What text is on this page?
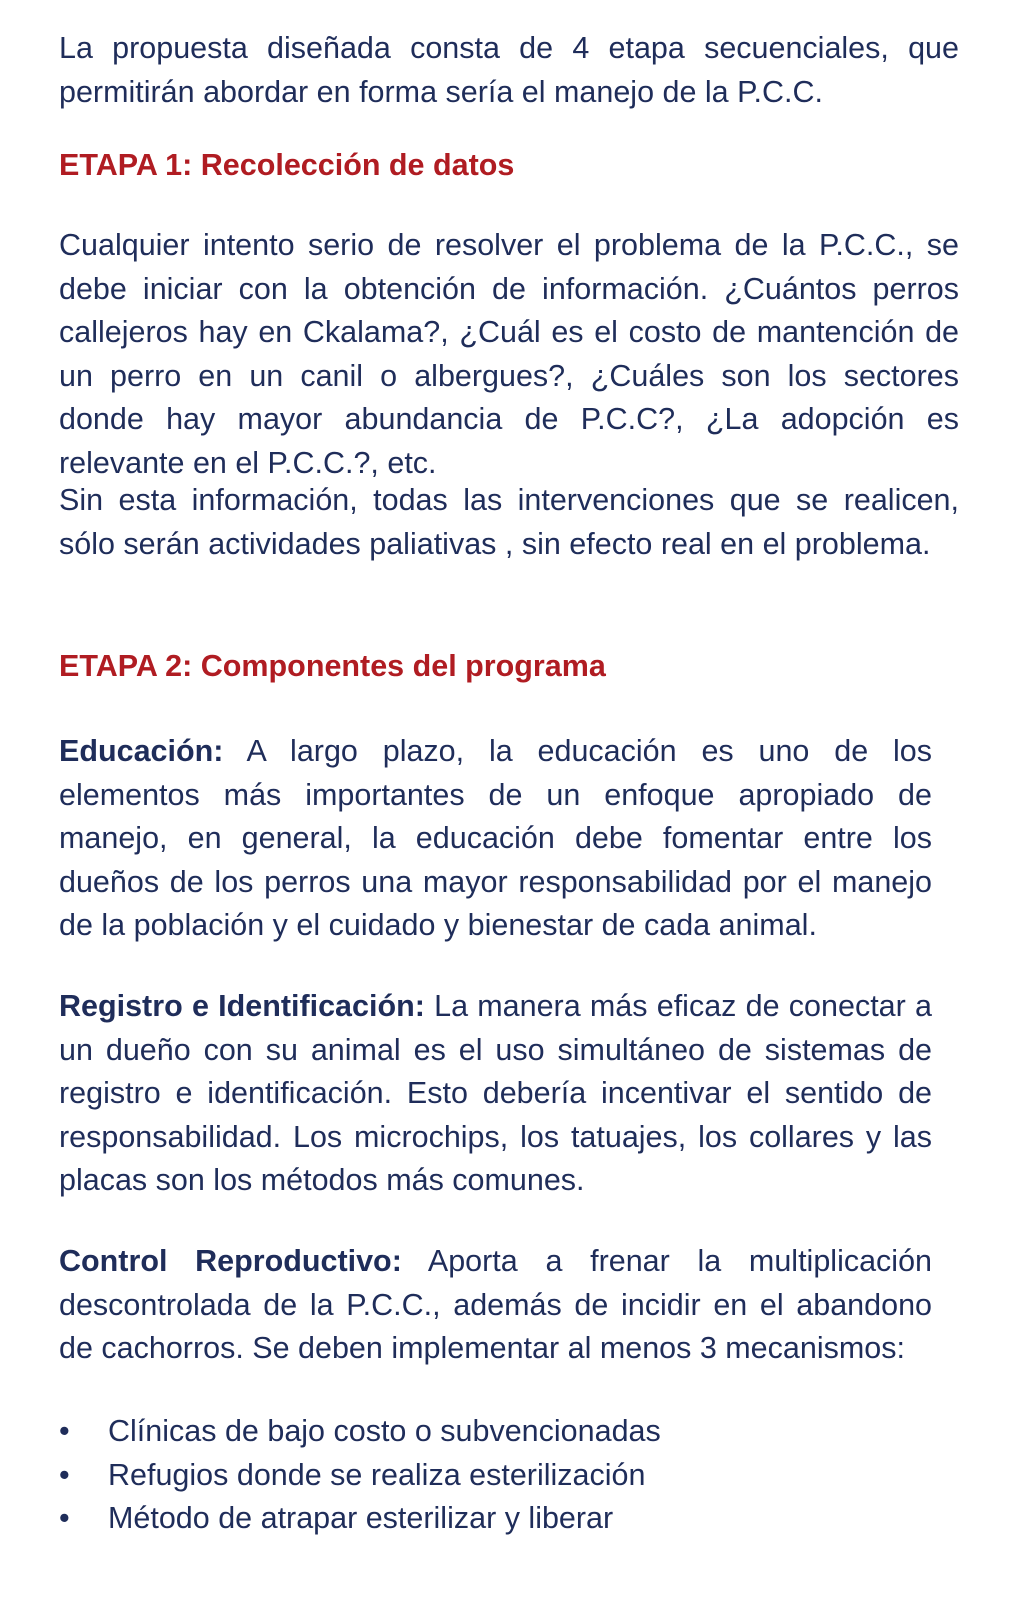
La propuesta diseñada consta de 4 etapa secuenciales, que permitirán abordar en forma sería el manejo de la P.C.C.

ETAPA 1: Recolección de datos

Cualquier intento serio de resolver el problema de la P.C.C., se debe iniciar con la obtención de información. ¿Cuántos perros callejeros hay en Ckalama?, ¿Cuál es el costo de mantención de un perro en un canil o albergues?, ¿Cuáles son los sectores donde hay mayor abundancia de P.C.C?, ¿La adopción es relevante en el P.C.C.?, etc.

Sin esta información, todas las intervenciones que se realicen, sólo serán actividades paliativas , sin efecto real en el problema.

ETAPA 2: Componentes del programa

Educación: A largo plazo, la educación es uno de los elementos más importantes de un enfoque apropiado de manejo, en general, la educación debe fomentar entre los dueños de los perros una mayor responsabilidad por el manejo de la población y el cuidado y bienestar de cada animal.

Registro e Identificación: La manera más eficaz de conectar a un dueño con su animal es el uso simultáneo de sistemas de registro e identificación. Esto debería incentivar el sentido de responsabilidad. Los microchips, los tatuajes, los collares y las placas son los métodos más comunes.

Control Reproductivo: Aporta a frenar la multiplicación descontrolada de la P.C.C., además de incidir en el abandono de cachorros. Se deben implementar al menos 3 mecanismos:

•	Clínicas de bajo costo o subvencionadas
•	Refugios donde se realiza esterilización
•	Método de atrapar esterilizar y liberar
